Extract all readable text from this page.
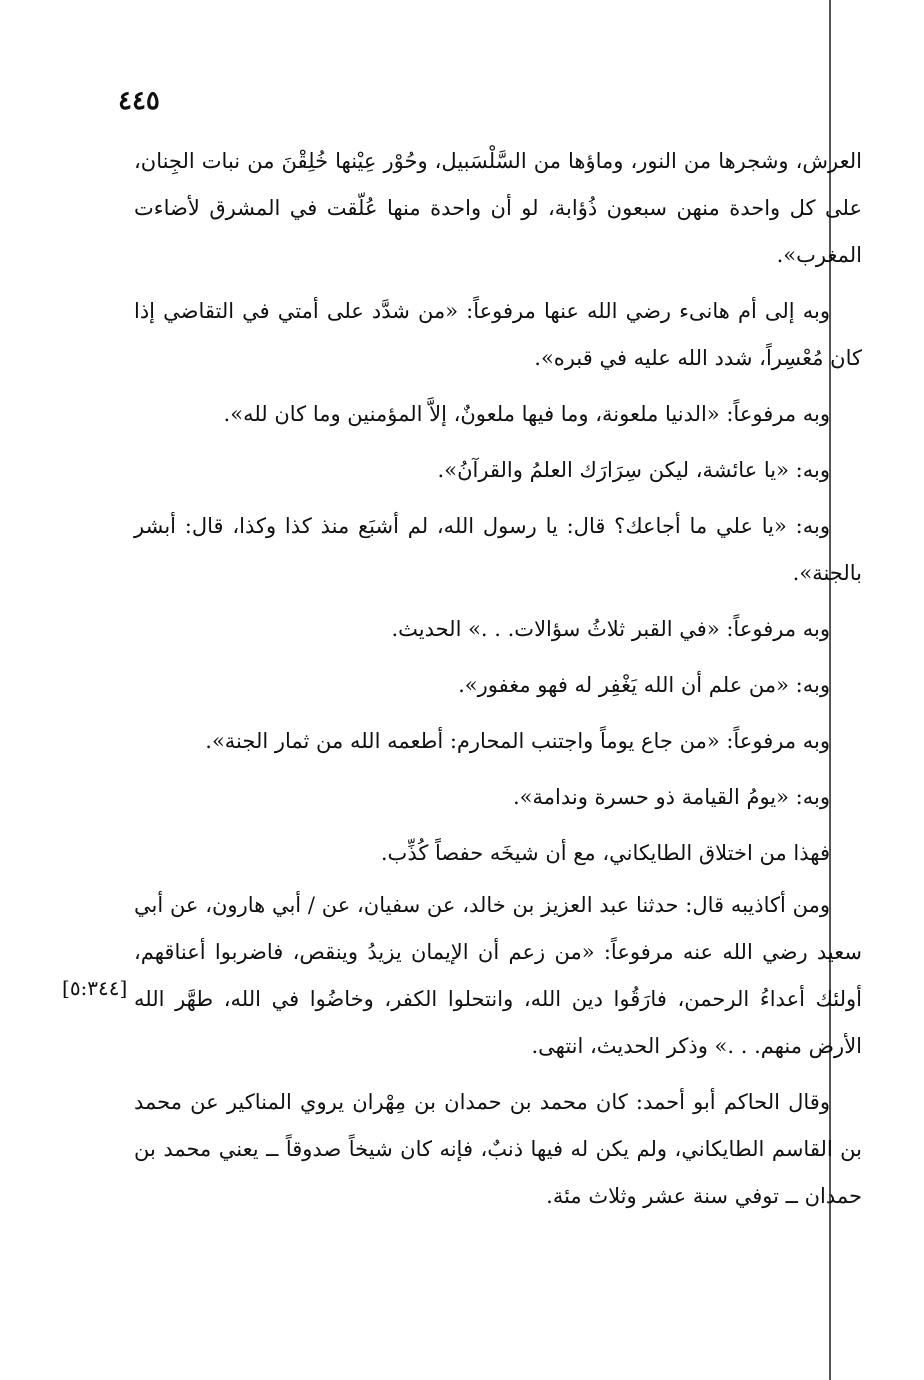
٤٤٥
[٥:٣٤٤]

العرش، وشجرها من النور، وماؤها من السَّلْسَبيل، وحُوْر عِيْنها خُلِقْنَ من نبات الجِنان، على كل واحدة منهن سبعون ذُؤابة، لو أن واحدة منها عُلّقت في المشرق لأضاءت المغرب».

وبه إلى أم هانىء رضي الله عنها مرفوعاً: «من شدَّد على أمتي في التقاضي إذا كان مُعْسِراً، شدد الله عليه في قبره».

وبه مرفوعاً: «الدنيا ملعونة، وما فيها ملعونٌ، إلاَّ المؤمنين وما كان لله».

وبه: «يا عائشة، ليكن سِرَارَك العلمُ والقرآنُ».

وبه: «يا علي ما أجاعك؟ قال: يا رسول الله، لم أشبَع منذ كذا وكذا، قال: أبشر بالجنة».

وبه مرفوعاً: «في القبر ثلاثُ سؤالات. . .» الحديث.

وبه: «من علم أن الله يَغْفِر له فهو مغفور».

وبه مرفوعاً: «من جاع يوماً واجتنب المحارم: أطعمه الله من ثمار الجنة».

وبه: «يومُ القيامة ذو حسرة وندامة».

فهذا من اختلاق الطايكاني، مع أن شيخَه حفصاً كُذِّب.

ومن أكاذيبه قال: حدثنا عبد العزيز بن خالد، عن سفيان، عن / أبي هارون، عن أبي سعيد رضي الله عنه مرفوعاً: «من زعم أن الإيمان يزيدُ وينقص، فاضربوا أعناقهم، أولئك أعداءُ الرحمن، فارَقُوا دين الله، وانتحلوا الكفر، وخاضُوا في الله، طهَّر الله الأرض منهم. . .» وذكر الحديث، انتهى.

وقال الحاكم أبو أحمد: كان محمد بن حمدان بن مِهْران يروي المناكير عن محمد بن القاسم الطايكاني، ولم يكن له فيها ذنبٌ، فإنه كان شيخاً صدوقاً ــ يعني محمد بن حمدان ــ توفي سنة عشر وثلاث مئة.
